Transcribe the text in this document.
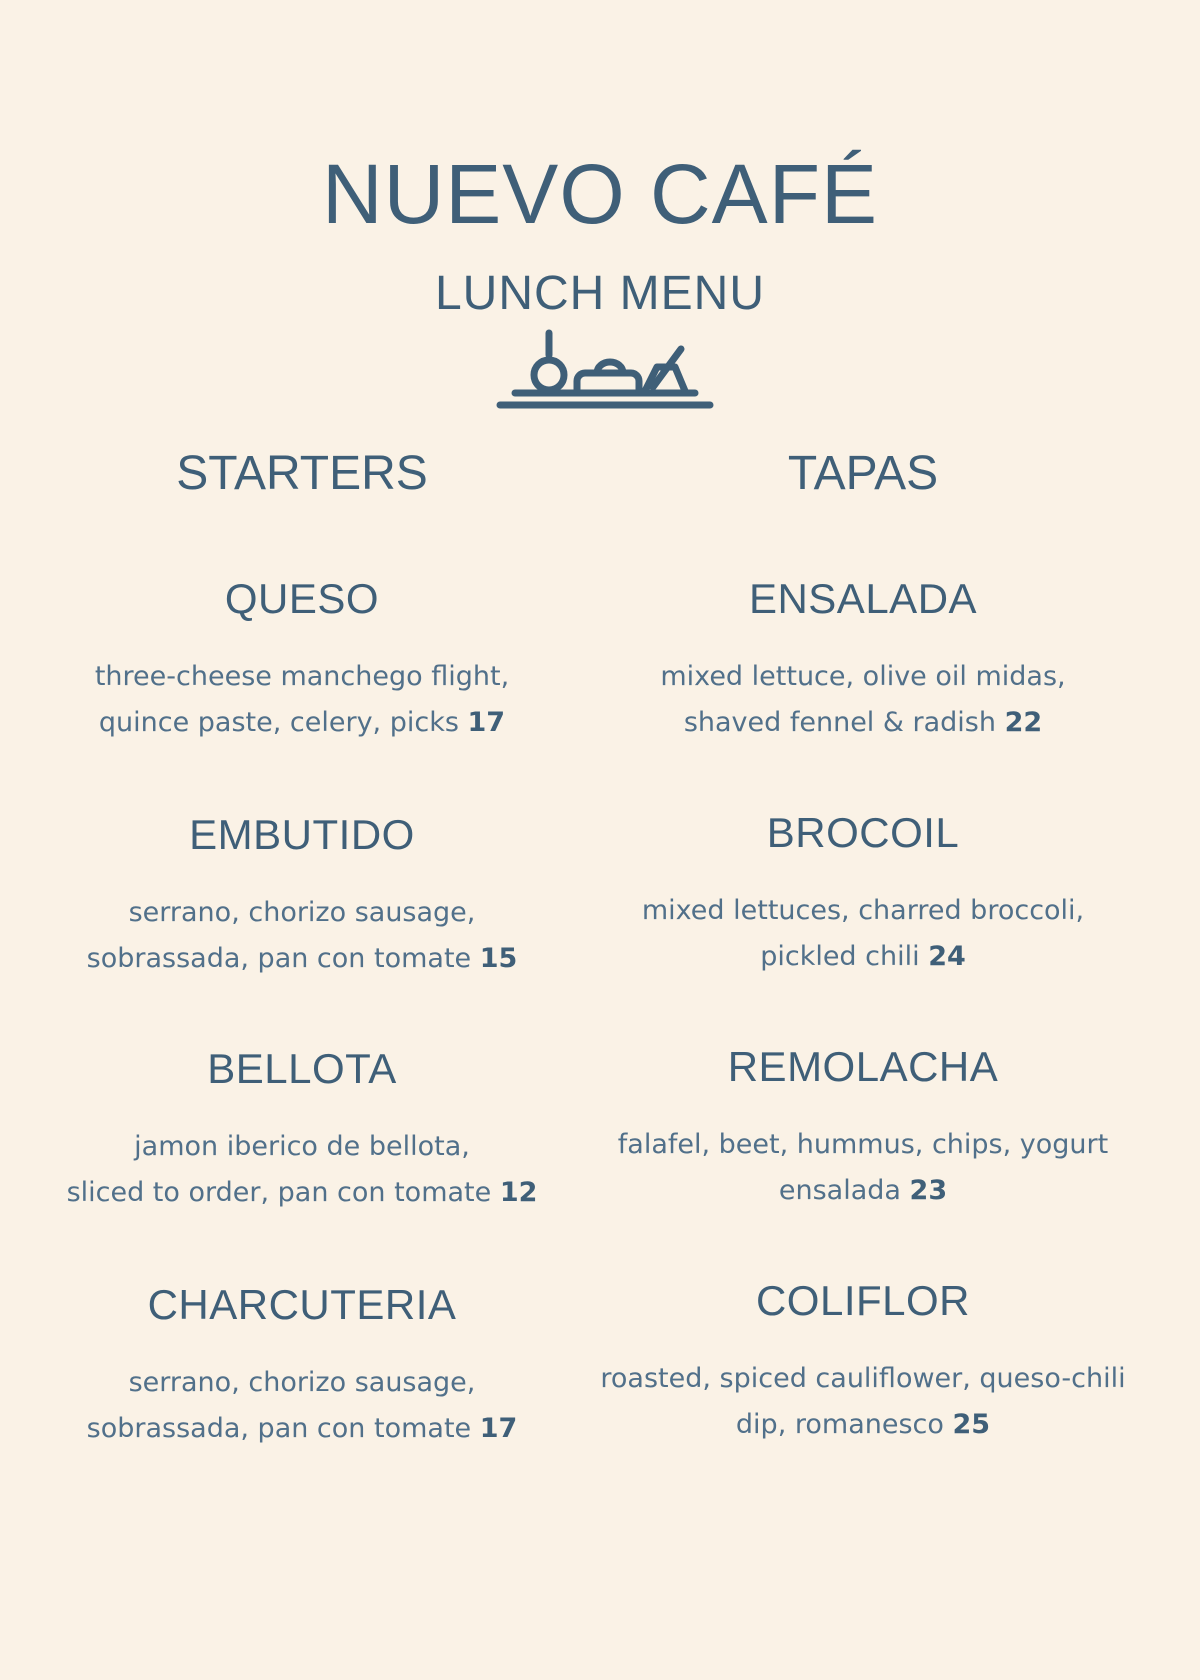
NUEVO CAFÉ
LUNCH MENU
STARTERS
QUESO
three-cheese manchego flight,
quince paste, celery, picks 17
EMBUTIDO
serrano, chorizo sausage,
sobrassada, pan con tomate 15
BELLOTA
jamon iberico de bellota,
sliced to order, pan con tomate 12
CHARCUTERIA
serrano, chorizo sausage,
sobrassada, pan con tomate 17
TAPAS
ENSALADA
mixed lettuce, olive oil midas,
shaved fennel & radish 22
BROCOIL
mixed lettuces, charred broccoli,
pickled chili 24
REMOLACHA
falafel, beet, hummus, chips, yogurt
ensalada 23
COLIFLOR
roasted, spiced cauliflower, queso-chili
dip, romanesco 25
